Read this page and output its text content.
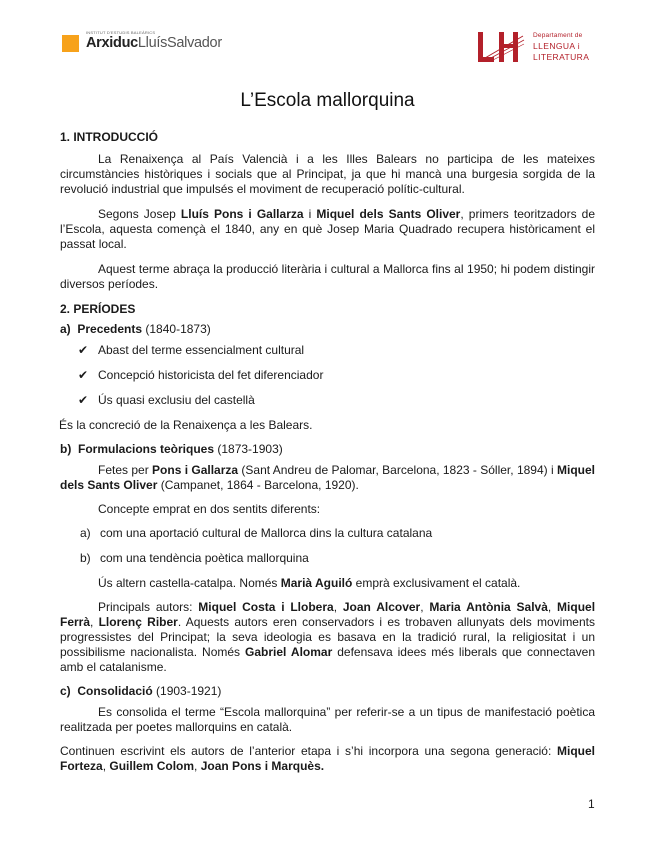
INSTITUT D'ESTUDIS BALEÀRICS
ArxiducLluísSalvador	Departament de
LLENGUA i
LITERATURA
L’Escola mallorquina

1. INTRODUCCIÓ

La Renaixença al País Valencià i a les Illes Balears no participa de les mateixes circumstàncies històriques i socials que al Principat, ja que hi mancà una burgesia sorgida de la revolució industrial que impulsés el moviment de recuperació polític-cultural.

Segons Josep Lluís Pons i Gallarza i Miquel dels Sants Oliver, primers teoritzadors de l’Escola, aquesta començà el 1840, any en què Josep Maria Quadrado recupera històricament el passat local.

Aquest terme abraça la producció literària i cultural a Mallorca fins al 1950; hi podem distingir diversos períodes.

2. PERÍODES

a) Precedents (1840-1873)

✔ Abast del terme essencialment cultural
✔ Concepció historicista del fet diferenciador
✔ Ús quasi exclusiu del castellà

És la concreció de la Renaixença a les Balears.

b) Formulacions teòriques (1873-1903)

Fetes per Pons i Gallarza (Sant Andreu de Palomar, Barcelona, 1823 - Sóller, 1894) i Miquel dels Sants Oliver (Campanet, 1864 - Barcelona, 1920).

Concepte emprat en dos sentits diferents:

a) com una aportació cultural de Mallorca dins la cultura catalana
b) com una tendència poètica mallorquina

Ús altern castella-catalpa. Només Marià Aguiló emprà exclusivament el català.

Principals autors: Miquel Costa i Llobera, Joan Alcover, Maria Antònia Salvà, Miquel Ferrà, Llorenç Riber. Aquests autors eren conservadors i es trobaven allunyats dels moviments progressistes del Principat; la seva ideologia es basava en la tradició rural, la religiositat i un possibilisme nacionalista. Només Gabriel Alomar defensava idees més liberals que connectaven amb el catalanisme.

c) Consolidació (1903-1921)

Es consolida el terme “Escola mallorquina” per referir-se a un tipus de manifestació poètica realitzada per poetes mallorquins en català.

Continuen escrivint els autors de l’anterior etapa i s’hi incorpora una segona generació: Miquel Forteza, Guillem Colom, Joan Pons i Marquès.

1
